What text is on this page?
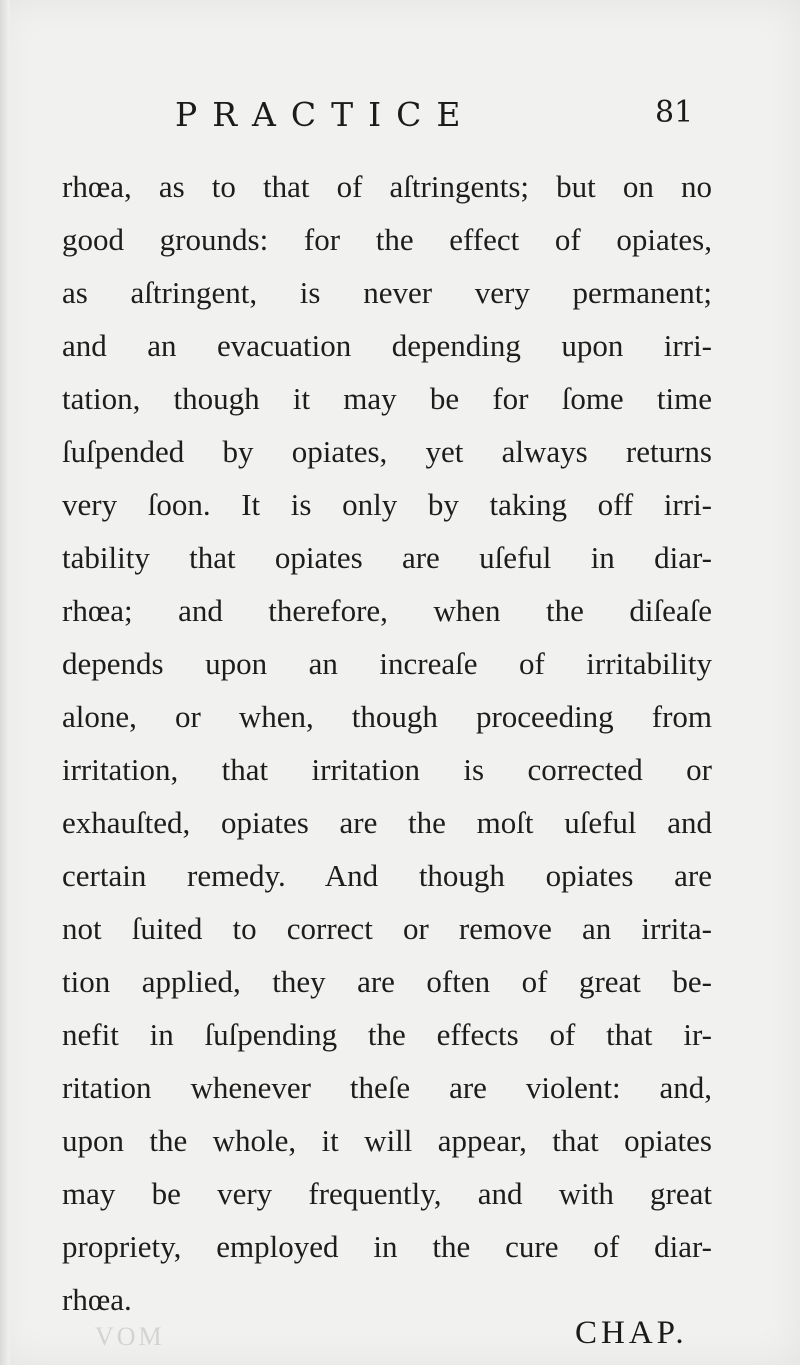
PRACTICE	81
rhœa, as to that of aſtringents; but on no
good grounds: for the effect of opiates,
as aſtringent, is never very permanent;
and an evacuation depending upon irri-
tation, though it may be for ſome time
ſuſpended by opiates, yet always returns
very ſoon. It is only by taking off irri-
tability that opiates are uſeful in diar-
rhœa; and therefore, when the diſeaſe
depends upon an increaſe of irritability
alone, or when, though proceeding from
irritation, that irritation is corrected or
exhauſted, opiates are the moſt uſeful and
certain remedy. And though opiates are
not ſuited to correct or remove an irrita-
tion applied, they are often of great be-
nefit in ſuſpending the effects of that ir-
ritation whenever theſe are violent: and,
upon the whole, it will appear, that opiates
may be very frequently, and with great
propriety, employed in the cure of diar-
rhœa.
VOM	CHAP.
